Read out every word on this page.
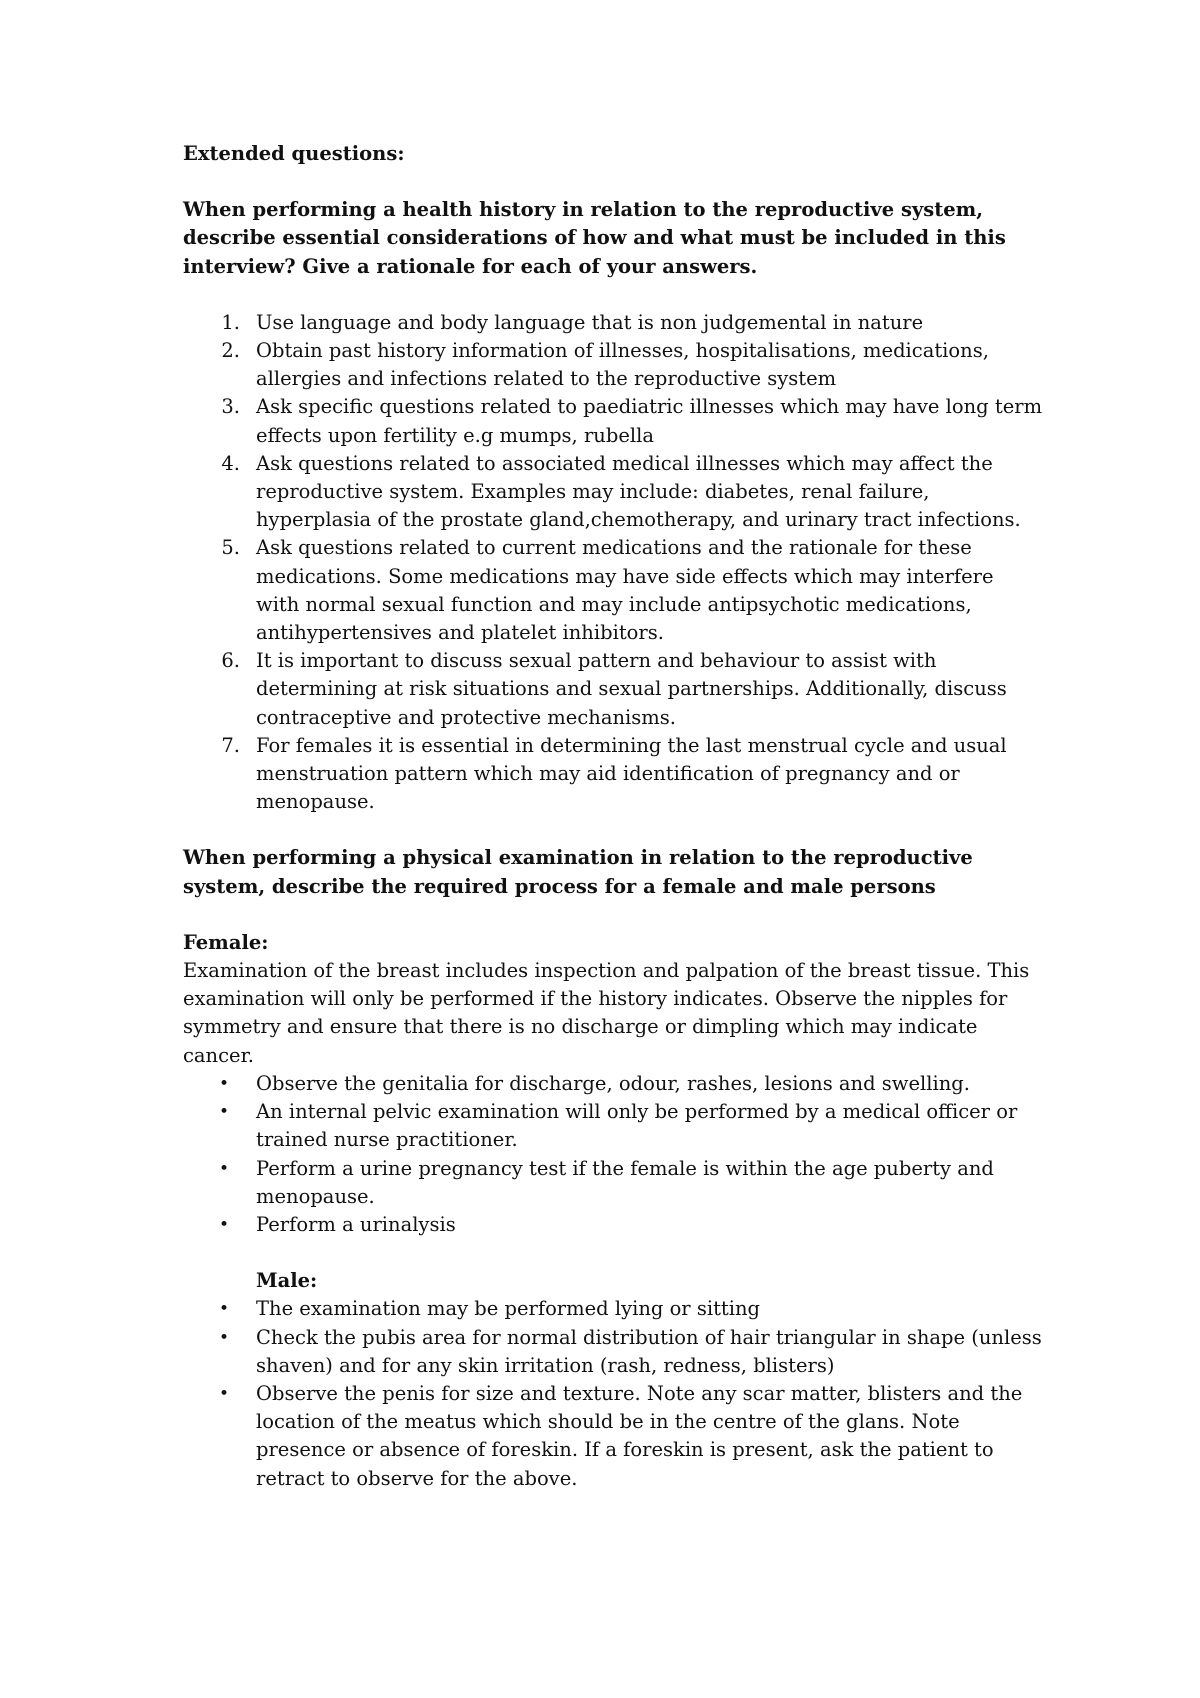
Extended questions:

When performing a health history in relation to the reproductive system, describe essential considerations of how and what must be included in this interview? Give a rationale for each of your answers.

1. Use language and body language that is non judgemental in nature
2. Obtain past history information of illnesses, hospitalisations, medications, allergies and infections related to the reproductive system
3. Ask specific questions related to paediatric illnesses which may have long term effects upon fertility e.g mumps, rubella
4. Ask questions related to associated medical illnesses which may affect the reproductive system. Examples may include: diabetes, renal failure, hyperplasia of the prostate gland,chemotherapy, and urinary tract infections.
5. Ask questions related to current medications and the rationale for these medications. Some medications may have side effects which may interfere with normal sexual function and may include antipsychotic medications, antihypertensives and platelet inhibitors.
6. It is important to discuss sexual pattern and behaviour to assist with determining at risk situations and sexual partnerships. Additionally, discuss contraceptive and protective mechanisms.
7. For females it is essential in determining the last menstrual cycle and usual menstruation pattern which may aid identification of pregnancy and or menopause.

When performing a physical examination in relation to the reproductive system, describe the required process for a female and male persons

Female:

Examination of the breast includes inspection and palpation of the breast tissue. This examination will only be performed if the history indicates. Observe the nipples for symmetry and ensure that there is no discharge or dimpling which may indicate cancer.

• Observe the genitalia for discharge, odour, rashes, lesions and swelling.
• An internal pelvic examination will only be performed by a medical officer or trained nurse practitioner.
• Perform a urine pregnancy test if the female is within the age puberty and menopause.
• Perform a urinalysis
Male:
• The examination may be performed lying or sitting
• Check the pubis area for normal distribution of hair triangular in shape (unless shaven) and for any skin irritation (rash, redness, blisters)
• Observe the penis for size and texture. Note any scar matter, blisters and the location of the meatus which should be in the centre of the glans. Note presence or absence of foreskin. If a foreskin is present, ask the patient to retract to observe for the above.
